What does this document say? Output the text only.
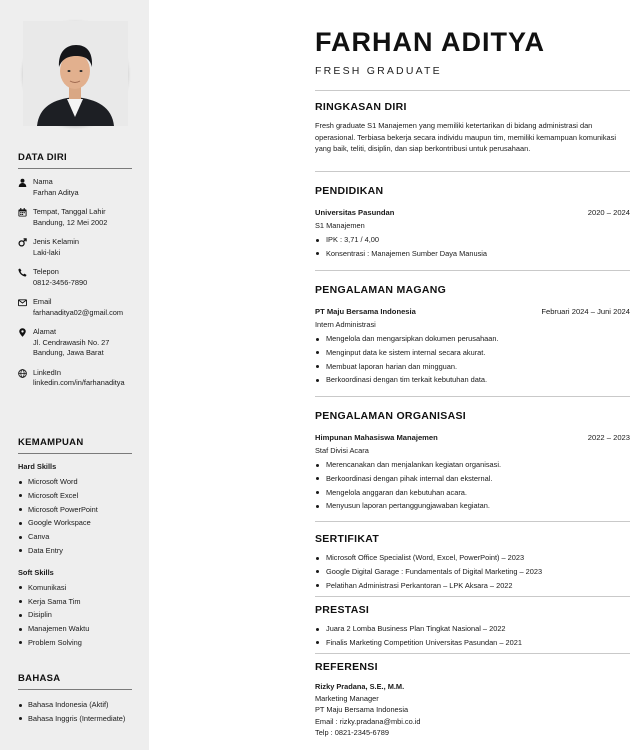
DATA DIRI
Nama
Farhan Aditya
Tempat, Tanggal Lahir
Bandung, 12 Mei 2002
Jenis Kelamin
Laki-laki
Telepon
0812-3456-7890
Email
farhanaditya02@gmail.com
Alamat
Jl. Cendrawasih No. 27
Bandung, Jawa Barat
LinkedIn
linkedin.com/in/farhanaditya
KEMAMPUAN
Hard Skills
Microsoft Word
Microsoft Excel
Microsoft PowerPoint
Google Workspace
Canva
Data Entry
Soft Skills
Komunikasi
Kerja Sama Tim
Disiplin
Manajemen Waktu
Problem Solving
BAHASA
Bahasa Indonesia (Aktif)
Bahasa Inggris (Intermediate)
FARHAN ADITYA
FRESH GRADUATE
RINGKASAN DIRI
Fresh graduate S1 Manajemen yang memiliki ketertarikan di bidang administrasi dan operasional. Terbiasa bekerja secara individu maupun tim, memiliki kemampuan komunikasi yang baik, teliti, disiplin, dan siap berkontribusi untuk perusahaan.
PENDIDIKAN
Universitas Pasundan	2020 – 2024
S1 Manajemen
IPK : 3,71 / 4,00
Konsentrasi : Manajemen Sumber Daya Manusia
PENGALAMAN MAGANG
PT Maju Bersama Indonesia	Februari 2024 – Juni 2024
Intern Administrasi
Mengelola dan mengarsipkan dokumen perusahaan.
Menginput data ke sistem internal secara akurat.
Membuat laporan harian dan mingguan.
Berkoordinasi dengan tim terkait kebutuhan data.
PENGALAMAN ORGANISASI
Himpunan Mahasiswa Manajemen	2022 – 2023
Staf Divisi Acara
Merencanakan dan menjalankan kegiatan organisasi.
Berkoordinasi dengan pihak internal dan eksternal.
Mengelola anggaran dan kebutuhan acara.
Menyusun laporan pertanggungjawaban kegiatan.
SERTIFIKAT
Microsoft Office Specialist (Word, Excel, PowerPoint) – 2023
Google Digital Garage : Fundamentals of Digital Marketing – 2023
Pelatihan Administrasi Perkantoran – LPK Aksara – 2022
PRESTASI
Juara 2 Lomba Business Plan Tingkat Nasional – 2022
Finalis Marketing Competition Universitas Pasundan – 2021
REFERENSI
Rizky Pradana, S.E., M.M.
Marketing Manager
PT Maju Bersama Indonesia
Email : rizky.pradana@mbi.co.id
Telp : 0821-2345-6789
